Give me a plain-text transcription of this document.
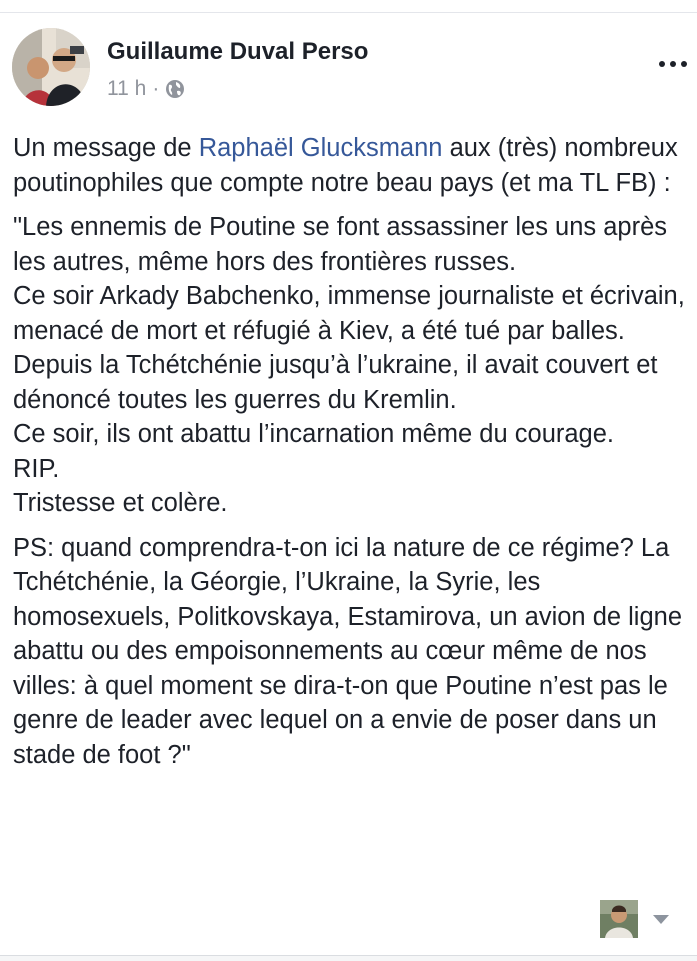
Guillaume Duval Perso
11 h ·

Un message de Raphaël Glucksmann aux (très) nombreux poutinophiles que compte notre beau pays (et ma TL FB) :

"Les ennemis de Poutine se font assassiner les uns après les autres, même hors des frontières russes.
Ce soir Arkady Babchenko, immense journaliste et écrivain, menacé de mort et réfugié à Kiev, a été tué par balles.
Depuis la Tchétchénie jusqu’à l’ukraine, il avait couvert et dénoncé toutes les guerres du Kremlin.
Ce soir, ils ont abattu l’incarnation même du courage.
RIP.
Tristesse et colère.

PS: quand comprendra-t-on ici la nature de ce régime? La Tchétchénie, la Géorgie, l’Ukraine, la Syrie, les homosexuels, Politkovskaya, Estamirova, un avion de ligne abattu ou des empoisonnements au cœur même de nos villes: à quel moment se dira-t-on que Poutine n’est pas le genre de leader avec lequel on a envie de poser dans un stade de foot ?"
